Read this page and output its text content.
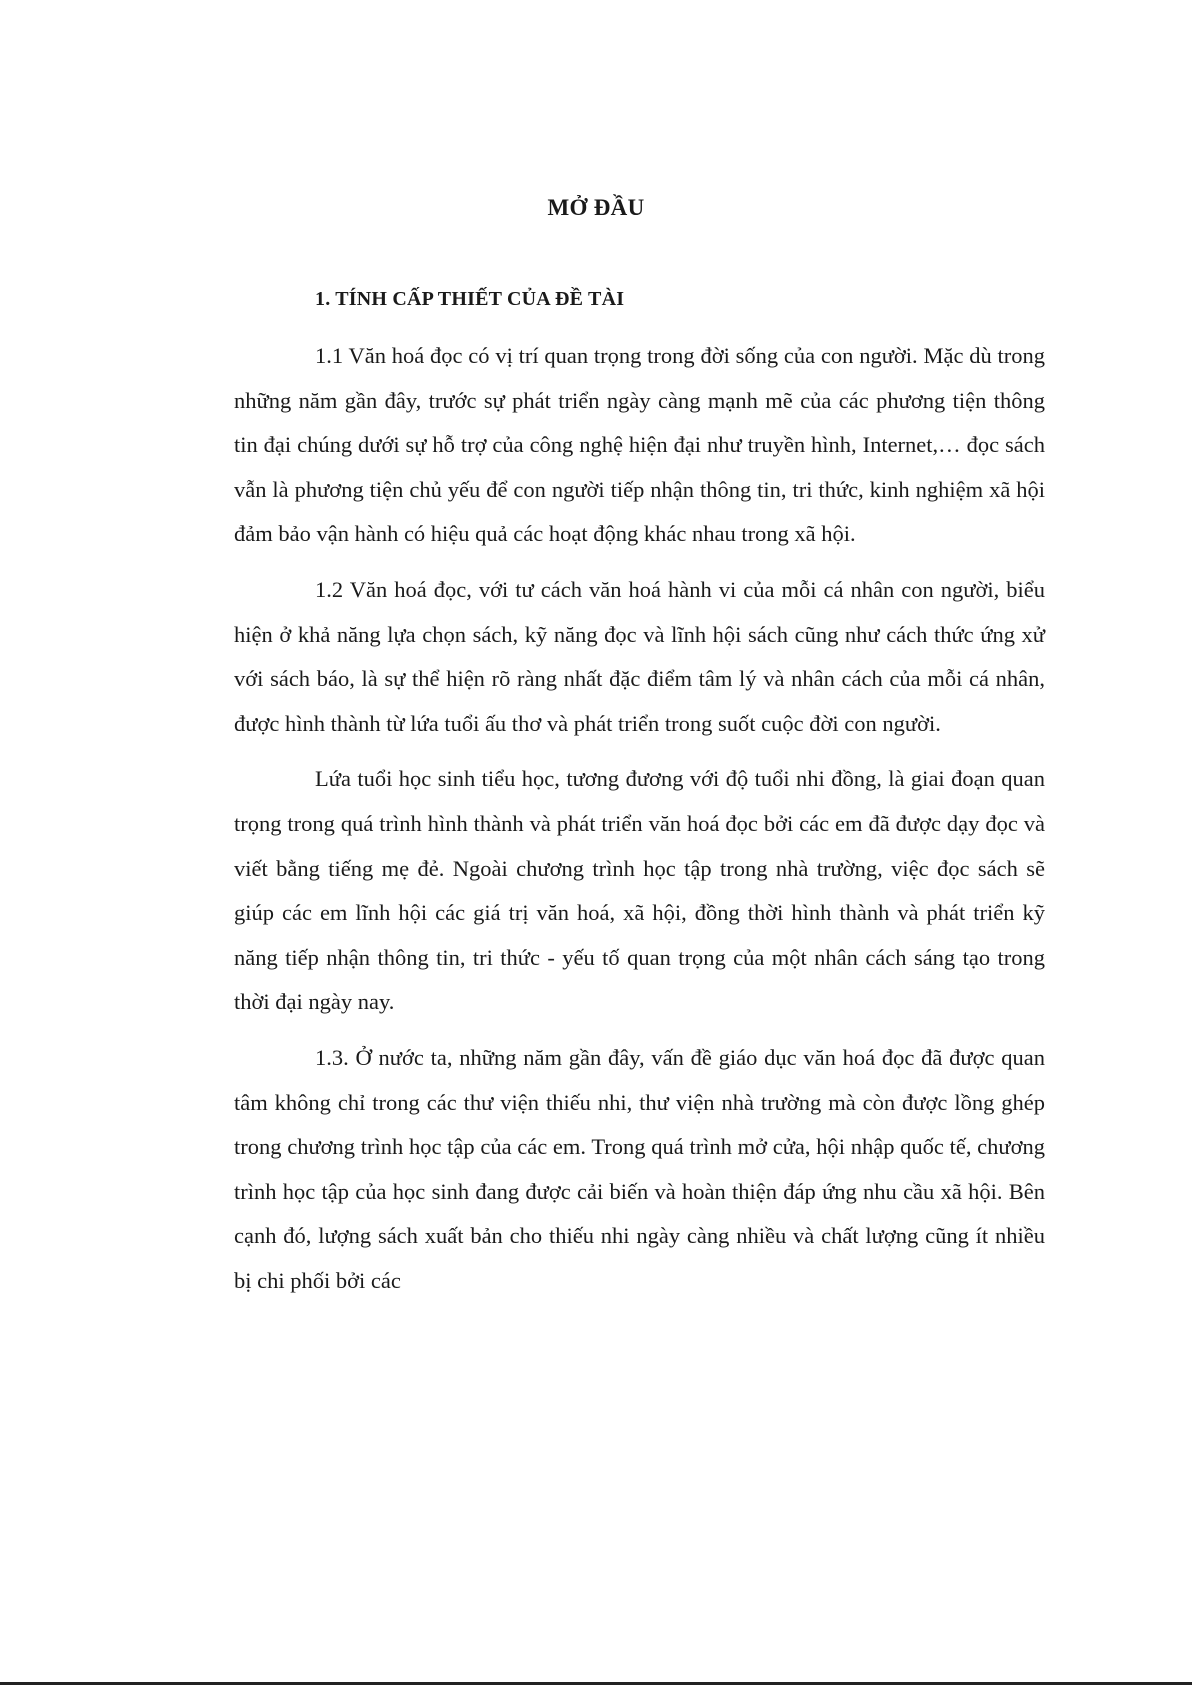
MỞ ĐẦU
1. TÍNH CẤP THIẾT CỦA ĐỀ TÀI

1.1 Văn hoá đọc có vị trí quan trọng trong đời sống của con người. Mặc dù trong những năm gần đây, trước sự phát triển ngày càng mạnh mẽ của các phương tiện thông tin đại chúng dưới sự hỗ trợ của công nghệ hiện đại như truyền hình, Internet,… đọc sách vẫn là phương tiện chủ yếu để con người tiếp nhận thông tin, tri thức, kinh nghiệm xã hội đảm bảo vận hành có hiệu quả các hoạt động khác nhau trong xã hội.

1.2 Văn hoá đọc, với tư cách văn hoá hành vi của mỗi cá nhân con người, biểu hiện ở khả năng lựa chọn sách, kỹ năng đọc và lĩnh hội sách cũng như cách thức ứng xử với sách báo, là sự thể hiện rõ ràng nhất đặc điểm tâm lý và nhân cách của mỗi cá nhân, được hình thành từ lứa tuổi ấu thơ và phát triển trong suốt cuộc đời con người.

Lứa tuổi học sinh tiểu học, tương đương với độ tuổi nhi đồng, là giai đoạn quan trọng trong quá trình hình thành và phát triển văn hoá đọc bởi các em đã được dạy đọc và viết bằng tiếng mẹ đẻ. Ngoài chương trình học tập trong nhà trường, việc đọc sách sẽ giúp các em lĩnh hội các giá trị văn hoá, xã hội, đồng thời hình thành và phát triển kỹ năng tiếp nhận thông tin, tri thức - yếu tố quan trọng của một nhân cách sáng tạo trong thời đại ngày nay.

1.3. Ở nước ta, những năm gần đây, vấn đề giáo dục văn hoá đọc đã được quan tâm không chỉ trong các thư viện thiếu nhi, thư viện nhà trường mà còn được lồng ghép trong chương trình học tập của các em. Trong quá trình mở cửa, hội nhập quốc tế, chương trình học tập của học sinh đang được cải biến và hoàn thiện đáp ứng nhu cầu xã hội. Bên cạnh đó, lượng sách xuất bản cho thiếu nhi ngày càng nhiều và chất lượng cũng ít nhiều bị chi phối bởi các
